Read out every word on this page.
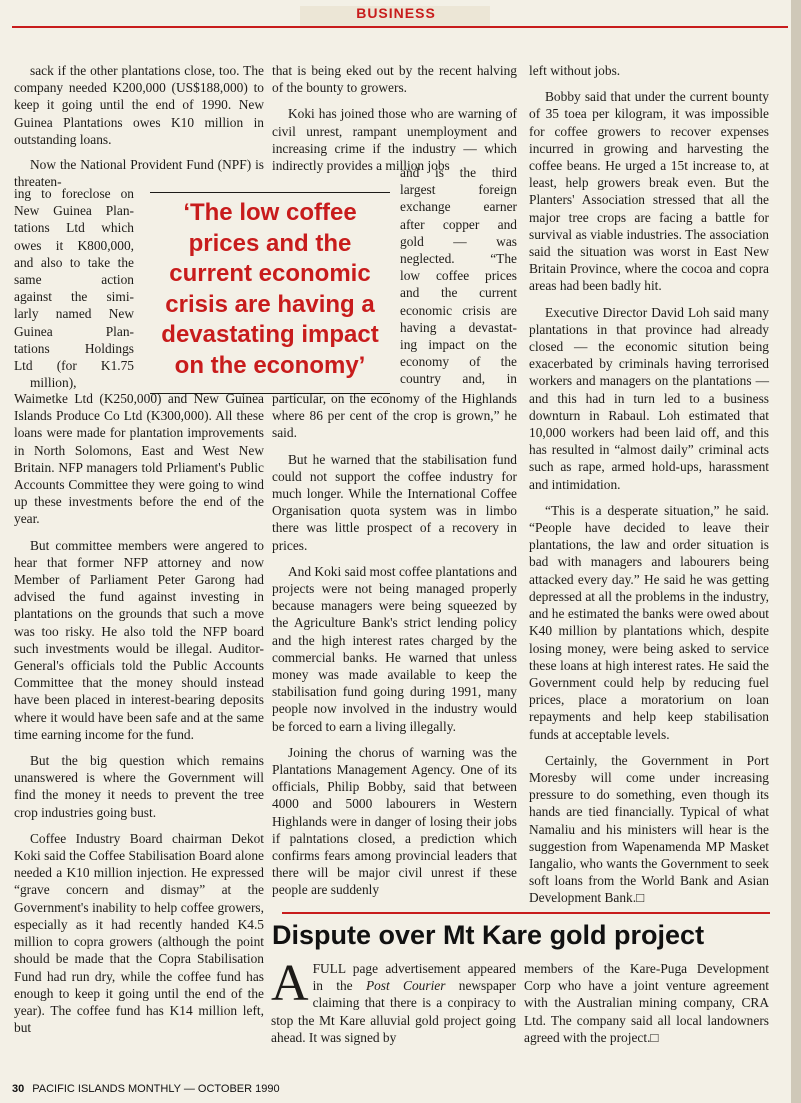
BUSINESS

sack if the other plantations close, too. The company needed K200,000 (US$188,000) to keep it going until the end of 1990. New Guinea Plantations owes K10 million in outstanding loans.

Now the National Provident Fund (NPF) is threaten-

ing to foreclose on
New Guinea Plan-
tations Ltd which
owes it K800,000,
and also to take the
same action
against the simi-
larly named New
Guinea Plan-
tations Holdings
Ltd (for K1.75
million),

Waimetke Ltd (K250,000) and New Guinea Islands Produce Co Ltd (K300,000). All these loans were made for plantation improvements in North Solomons, East and West New Britain. NFP managers told Prliament's Public Accounts Committee they were going to wind up these investments before the end of the year.

But committee members were angered to hear that former NFP attorney and now Member of Parliament Peter Garong had advised the fund against investing in plantations on the grounds that such a move was too risky. He also told the NFP board such investments would be illegal. Auditor-General's officials told the Public Accounts Committee that the money should instead have been placed in interest-bearing deposits where it would have been safe and at the same time earning income for the fund.

But the big question which remains unanswered is where the Government will find the money it needs to prevent the tree crop industries going bust.

Coffee Industry Board chairman Dekot Koki said the Coffee Stabilisation Board alone needed a K10 million injection. He expressed “grave concern and dismay” at the Government's inability to help coffee growers, especially as it had recently handed K4.5 million to copra growers (although the point should be made that the Copra Stabilisation Fund had run dry, while the coffee fund has enough to keep it going until the end of the year). The coffee fund has K14 million left, but

‘The low coffee prices and the current economic crisis are having a devastating impact on the economy’

that is being eked out by the recent halving of the bounty to growers.

Koki has joined those who are warning of civil unrest, rampant unemployment and increasing crime if the industry — which indirectly provides a million jobs

and is the third
largest foreign
exchange earner
after copper and
gold — was
neglected. “The
low coffee prices
and the current
economic crisis are
having a devastat-
ing impact on the
economy of the
country and, in

particular, on the economy of the Highlands where 86 per cent of the crop is grown,” he said.

But he warned that the stabilisation fund could not support the coffee industry for much longer. While the International Coffee Organisation quota system was in limbo there was little prospect of a recovery in prices.

And Koki said most coffee plantations and projects were not being managed properly because managers were being squeezed by the Agriculture Bank's strict lending policy and the high interest rates charged by the commercial banks. He warned that unless money was made available to keep the stabilisation fund going during 1991, many people now involved in the industry would be forced to earn a living illegally.

Joining the chorus of warning was the Plantations Management Agency. One of its officials, Philip Bobby, said that between 4000 and 5000 labourers in Western Highlands were in danger of losing their jobs if palntations closed, a prediction which confirms fears among provincial leaders that there will be major civil unrest if these people are suddenly

left without jobs.

Bobby said that under the current bounty of 35 toea per kilogram, it was impossible for coffee growers to recover expenses incurred in growing and harvesting the coffee beans. He urged a 15t increase to, at least, help growers break even. But the Planters' Association stressed that all the major tree crops are facing a battle for survival as viable industries. The association said the situation was worst in East New Britain Province, where the cocoa and copra areas had been badly hit.

Executive Director David Loh said many plantations in that province had already closed — the economic sitution being exacerbated by criminals having terrorised workers and managers on the plantations — and this had in turn led to a business downturn in Rabaul. Loh estimated that 10,000 workers had been laid off, and this has resulted in “almost daily” criminal acts such as rape, armed hold-ups, harassment and intimidation.

“This is a desperate situation,” he said. “People have decided to leave their plantations, the law and order situation is bad with managers and labourers being attacked every day.” He said he was getting depressed at all the problems in the industry, and he estimated the banks were owed about K40 million by plantations which, despite losing money, were being asked to service these loans at high interest rates. He said the Government could help by reducing fuel prices, place a moratorium on loan repayments and help keep stabilisation funds at acceptable levels.

Certainly, the Government in Port Moresby will come under increasing pressure to do something, even though its hands are tied financially. Typical of what Namaliu and his ministers will hear is the suggestion from Wapenamenda MP Masket Iangalio, who wants the Government to seek soft loans from the World Bank and Asian Development Bank.□

Dispute over Mt Kare gold project
AFULL page advertisement appeared in the Post Courier newspaper claiming that there is a conpiracy to stop the Mt Kare alluvial gold project going ahead. It was signed by
members of the Kare-Puga Development Corp who have a joint venture agreement with the Australian mining company, CRA Ltd. The company said all local landowners agreed with the project.□
30 PACIFIC ISLANDS MONTHLY — OCTOBER 1990
